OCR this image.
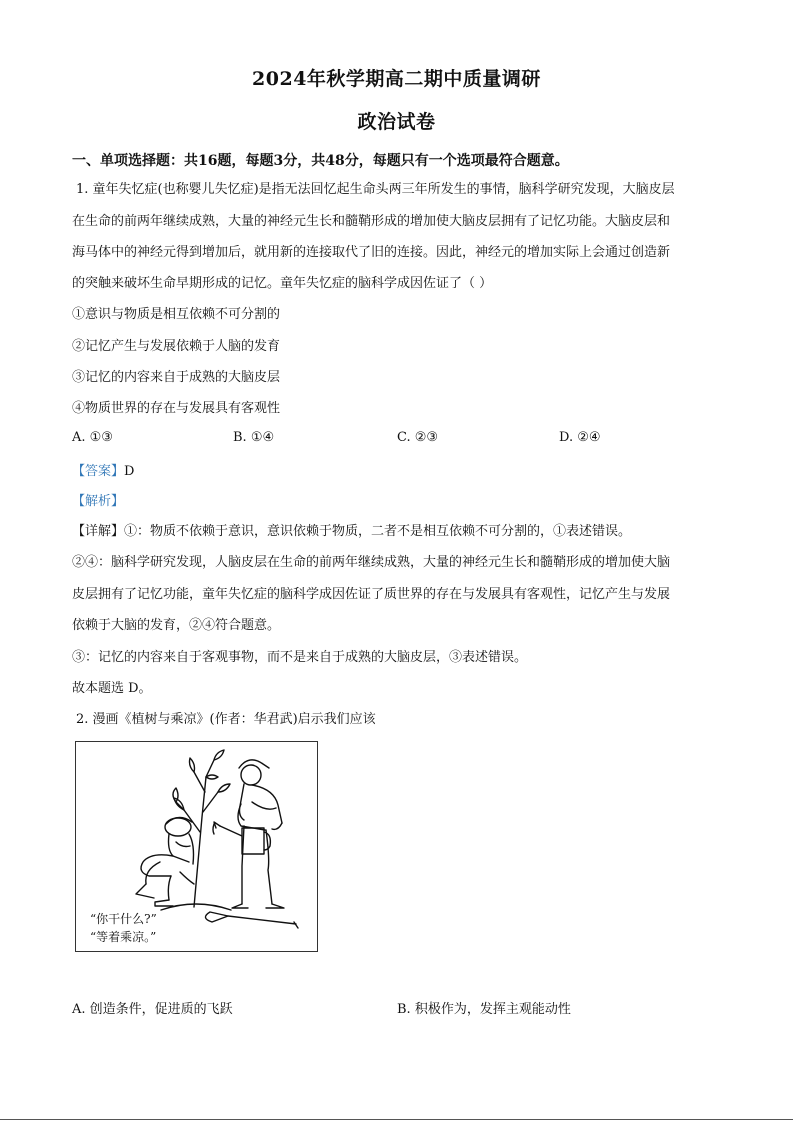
2024年秋学期高二期中质量调研
政治试卷
一、单项选择题：共16题，每题3分，共48分，每题只有一个选项最符合题意。
1. 童年失忆症(也称婴儿失忆症)是指无法回忆起生命头两三年所发生的事情，脑科学研究发现，大脑皮层
在生命的前两年继续成熟，大量的神经元生长和髓鞘形成的增加使大脑皮层拥有了记忆功能。大脑皮层和
海马体中的神经元得到增加后，就用新的连接取代了旧的连接。因此，神经元的增加实际上会通过创造新
的突触来破坏生命早期形成的记忆。童年失忆症的脑科学成因佐证了（ ）
①意识与物质是相互依赖不可分割的
②记忆产生与发展依赖于人脑的发育
③记忆的内容来自于成熟的大脑皮层
④物质世界的存在与发展具有客观性
A. ①③	B. ①④	C. ②③	D. ②④
【答案】D
【解析】
【详解】①：物质不依赖于意识，意识依赖于物质，二者不是相互依赖不可分割的，①表述错误。
②④：脑科学研究发现，人脑皮层在生命的前两年继续成熟，大量的神经元生长和髓鞘形成的增加使大脑
皮层拥有了记忆功能，童年失忆症的脑科学成因佐证了质世界的存在与发展具有客观性，记忆产生与发展
依赖于大脑的发育，②④符合题意。
③：记忆的内容来自于客观事物，而不是来自于成熟的大脑皮层，③表述错误。
故本题选 D。
2. 漫画《植树与乘凉》(作者：华君武)启示我们应该
“你干什么?”
“等着乘凉。”
A. 创造条件，促进质的飞跃	B. 积极作为，发挥主观能动性
